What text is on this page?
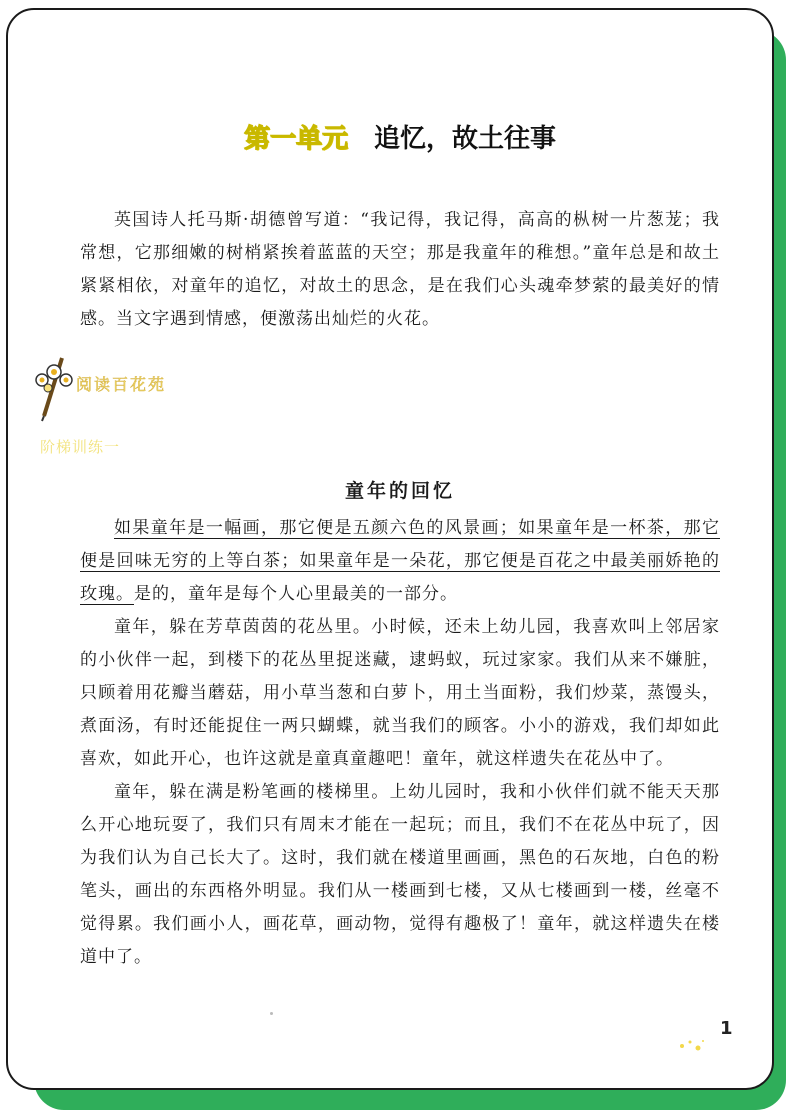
第一单元 追忆，故土往事

英国诗人托马斯·胡德曾写道：“我记得，我记得，高高的枞树一片葱茏；我常想，它那细嫩的树梢紧挨着蓝蓝的天空；那是我童年的稚想。”童年总是和故土紧紧相依，对童年的追忆，对故土的思念，是在我们心头魂牵梦萦的最美好的情感。当文字遇到情感，便激荡出灿烂的火花。

阅读百花苑
阶梯训练一
童年的回忆

如果童年是一幅画，那它便是五颜六色的风景画；如果童年是一杯茶，那它便是回味无穷的上等白茶；如果童年是一朵花，那它便是百花之中最美丽娇艳的玫瑰。是的，童年是每个人心里最美的一部分。

童年，躲在芳草茵茵的花丛里。小时候，还未上幼儿园，我喜欢叫上邻居家的小伙伴一起，到楼下的花丛里捉迷藏，逮蚂蚁，玩过家家。我们从来不嫌脏，只顾着用花瓣当蘑菇，用小草当葱和白萝卜，用土当面粉，我们炒菜，蒸馒头，煮面汤，有时还能捉住一两只蝴蝶，就当我们的顾客。小小的游戏，我们却如此喜欢，如此开心，也许这就是童真童趣吧！童年，就这样遗失在花丛中了。

童年，躲在满是粉笔画的楼梯里。上幼儿园时，我和小伙伴们就不能天天那么开心地玩耍了，我们只有周末才能在一起玩；而且，我们不在花丛中玩了，因为我们认为自己长大了。这时，我们就在楼道里画画，黑色的石灰地，白色的粉笔头，画出的东西格外明显。我们从一楼画到七楼，又从七楼画到一楼，丝毫不觉得累。我们画小人，画花草，画动物，觉得有趣极了！童年，就这样遗失在楼道中了。

1
